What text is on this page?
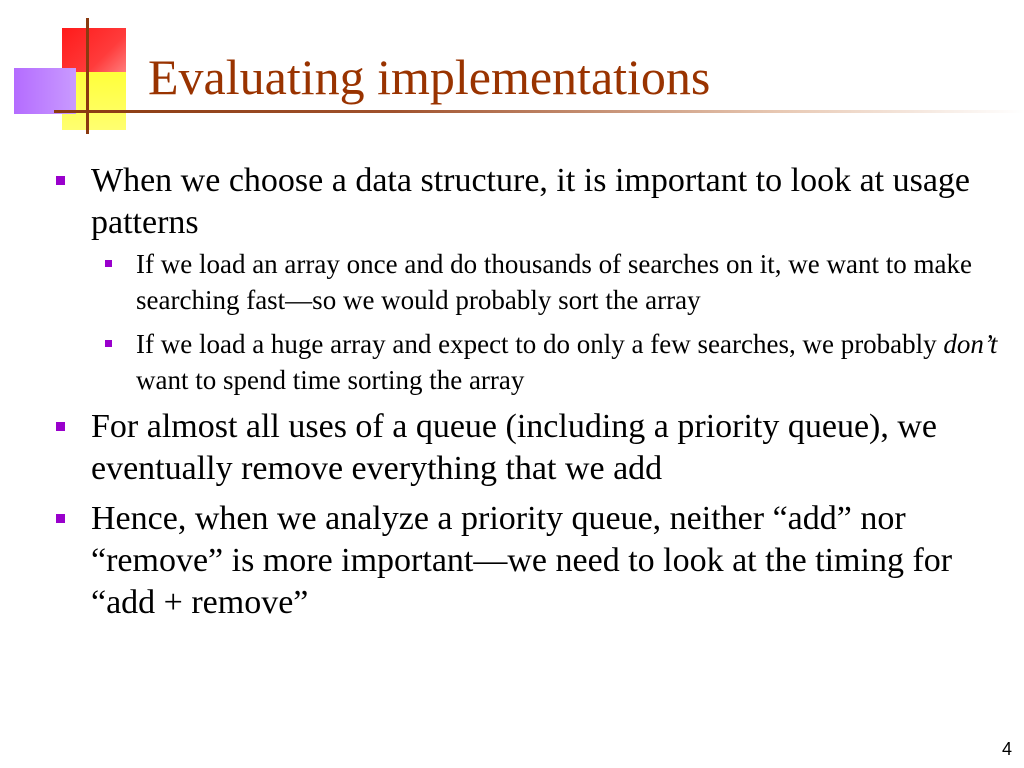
Evaluating implementations
When we choose a data structure, it is important to look at usage patterns
If we load an array once and do thousands of searches on it, we want to make searching fast—so we would probably sort the array
If we load a huge array and expect to do only a few searches, we probably don’t want to spend time sorting the array
For almost all uses of a queue (including a priority queue), we eventually remove everything that we add
Hence, when we analyze a priority queue, neither “add” nor “remove” is more important—we need to look at the timing for “add + remove”
4
